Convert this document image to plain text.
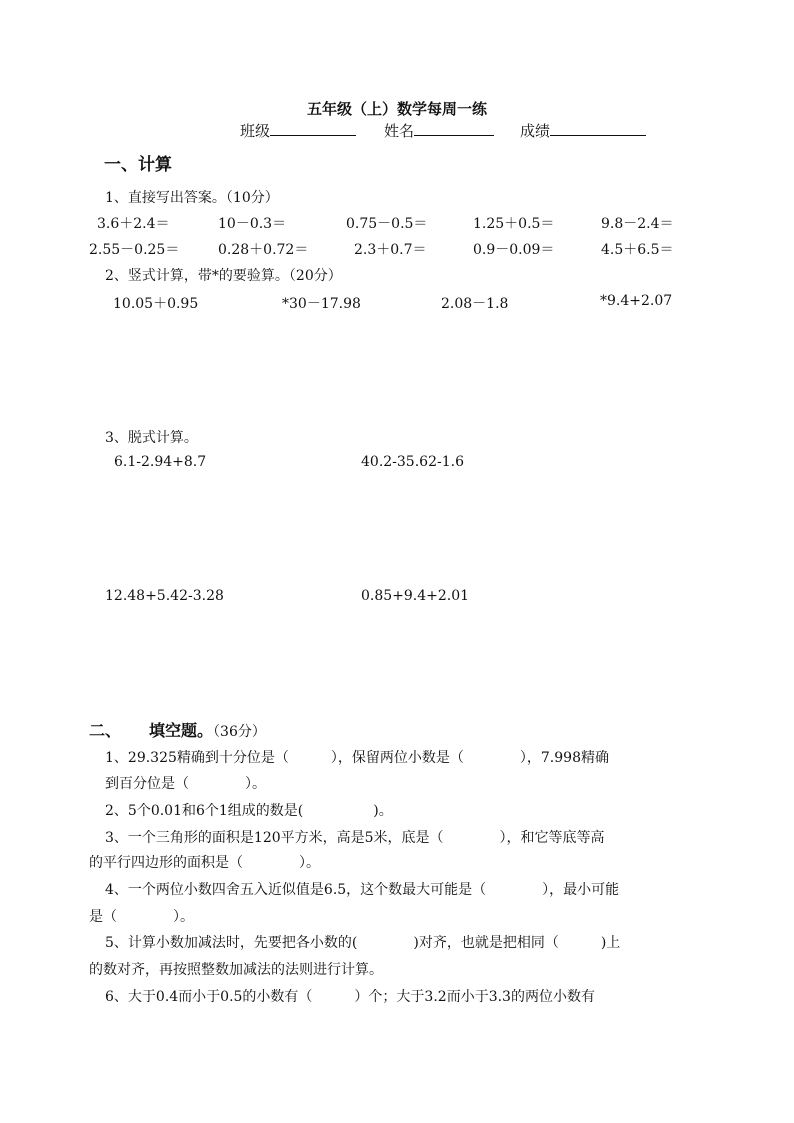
五年级（上）数学每周一练
班级	姓名	成绩
一、计算
1、直接写出答案。（10分）
3.6＋2.4＝	10－0.3＝	0.75－0.5＝	1.25＋0.5＝	9.8－2.4＝
2.55－0.25＝	0.28＋0.72＝	2.3＋0.7＝	0.9－0.09＝	4.5＋6.5＝
2、竖式计算，带*的要验算。（20分）
10.05＋0.95	*30－17.98	2.08－1.8	*9.4+2.07
3、脱式计算。
6.1-2.94+8.7	40.2-35.62-1.6
12.48+5.42-3.28	0.85+9.4+2.01
二、 填空题。（36分）
1、29.325精确到十分位是（　　　），保留两位小数是（　　　　），7.998精确
到百分位是（　　　　）。
2、5个0.01和6个1组成的数是(　　　　　)。
3、一个三角形的面积是120平方米，高是5米，底是（　　　　），和它等底等高
的平行四边形的面积是（　　　　）。
4、一个两位小数四舍五入近似值是6.5，这个数最大可能是（　　　　），最小可能
是（　　　　）。
5、计算小数加减法时，先要把各小数的(　　　　)对齐，也就是把相同（　　　)上
的数对齐，再按照整数加减法的法则进行计算。
6、大于0.4而小于0.5的小数有（　　　）个；大于3.2而小于3.3的两位小数有
